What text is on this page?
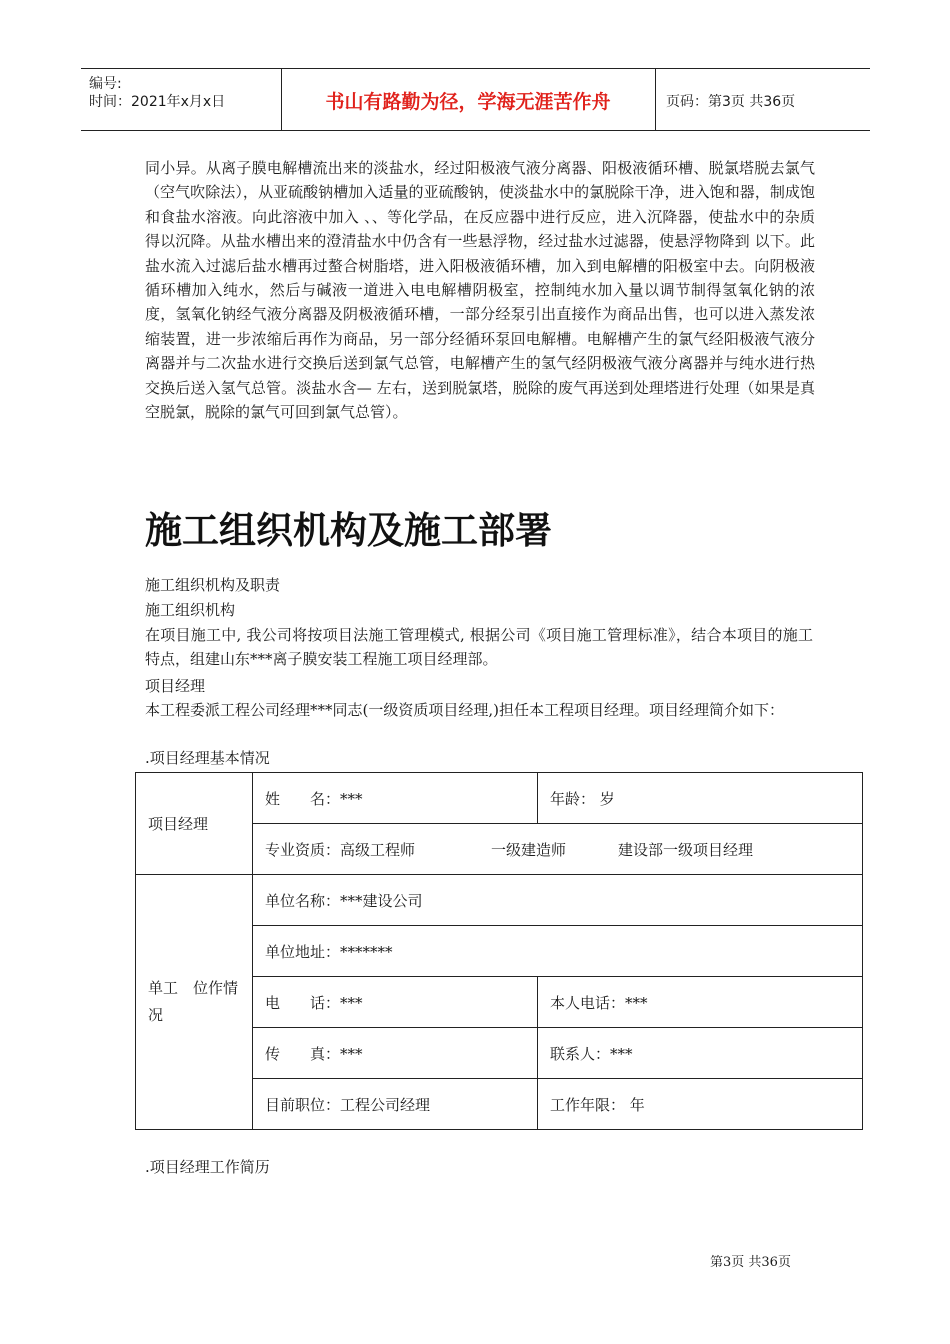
编号:
时间：2021年x月x日	书山有路勤为径，学海无涯苦作舟	页码：第3页 共36页

同小异。从离子膜电解槽流出来的淡盐水，经过阳极液气液分离器、阳极液循环槽、脱氯塔脱去氯气（空气吹除法），从亚硫酸钠槽加入适量的亚硫酸钠，使淡盐水中的氯脱除干净，进入饱和器，制成饱和食盐水溶液。向此溶液中加入 、、等化学品，在反应器中进行反应，进入沉降器，使盐水中的杂质得以沉降。从盐水槽出来的澄清盐水中仍含有一些悬浮物，经过盐水过滤器，使悬浮物降到 以下。此盐水流入过滤后盐水槽再过螯合树脂塔，进入阳极液循环槽，加入到电解槽的阳极室中去。向阴极液循环槽加入纯水，然后与碱液一道进入电电解槽阴极室，控制纯水加入量以调节制得氢氧化钠的浓度，氢氧化钠经气液分离器及阴极液循环槽，一部分经泵引出直接作为商品出售，也可以进入蒸发浓缩装置，进一步浓缩后再作为商品，另一部分经循环泵回电解槽。电解槽产生的氯气经阳极液气液分离器并与二次盐水进行交换后送到氯气总管，电解槽产生的氢气经阴极液气液分离器并与纯水进行热交换后送入氢气总管。淡盐水含— 左右，送到脱氯塔，脱除的废气再送到处理塔进行处理（如果是真空脱氯，脱除的氯气可回到氯气总管）。

施工组织机构及施工部署

施工组织机构及职责

施工组织机构

在项目施工中, 我公司将按项目法施工管理模式, 根据公司《项目施工管理标准》，结合本项目的施工特点，组建山东***离子膜安装工程施工项目经理部。

项目经理

本工程委派工程公司经理***同志(一级资质项目经理,)担任本工程项目经理。项目经理简介如下：

.项目经理基本情况

项目经理	姓　　名：***	年龄： 岁
	专业资质：高级工程师 一级建造师 建设部一级项目经理	
单工　位作情　　况	单位名称：***建设公司	
	单位地址：*******	
	电　　话：***	本人电话：***
	传　　真：***	联系人：***
	目前职位：工程公司经理	工作年限： 年

.项目经理工作简历

第3页 共36页
